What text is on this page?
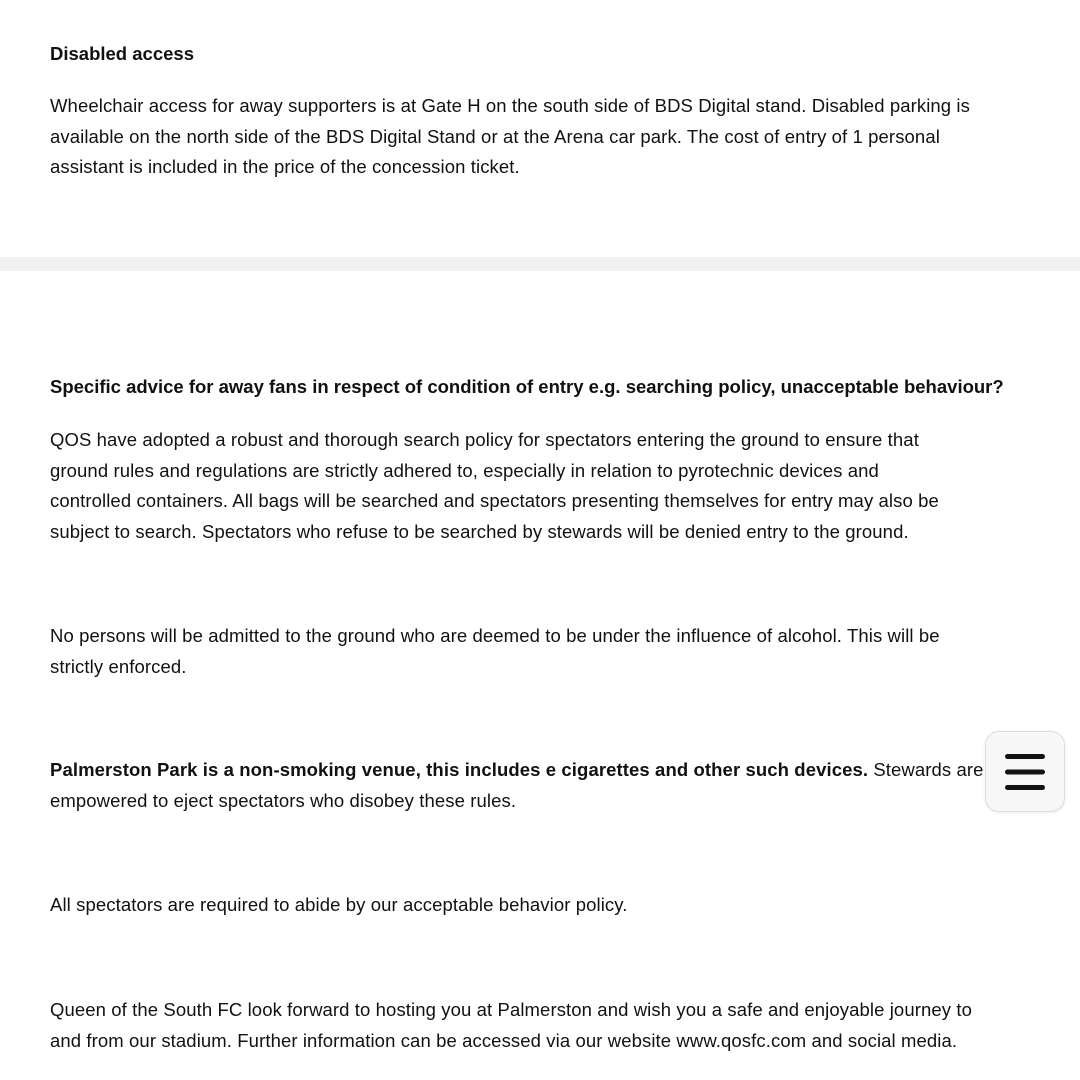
Disabled access

Wheelchair access for away supporters is at Gate H on the south side of BDS Digital stand. Disabled parking is
available on the north side of the BDS Digital Stand or at the Arena car park. The cost of entry of 1 personal
assistant is included in the price of the concession ticket.

Specific advice for away fans in respect of condition of entry e.g. searching policy, unacceptable behaviour?

QOS have adopted a robust and thorough search policy for spectators entering the ground to ensure that
ground rules and regulations are strictly adhered to, especially in relation to pyrotechnic devices and
controlled containers. All bags will be searched and spectators presenting themselves for entry may also be
subject to search. Spectators who refuse to be searched by stewards will be denied entry to the ground.

No persons will be admitted to the ground who are deemed to be under the influence of alcohol. This will be
strictly enforced.

Palmerston Park is a non-smoking venue, this includes e cigarettes and other such devices. Stewards are
empowered to eject spectators who disobey these rules.

All spectators are required to abide by our acceptable behavior policy.

Queen of the South FC look forward to hosting you at Palmerston and wish you a safe and enjoyable journey to
and from our stadium. Further information can be accessed via our website www.qosfc.com and social media.
